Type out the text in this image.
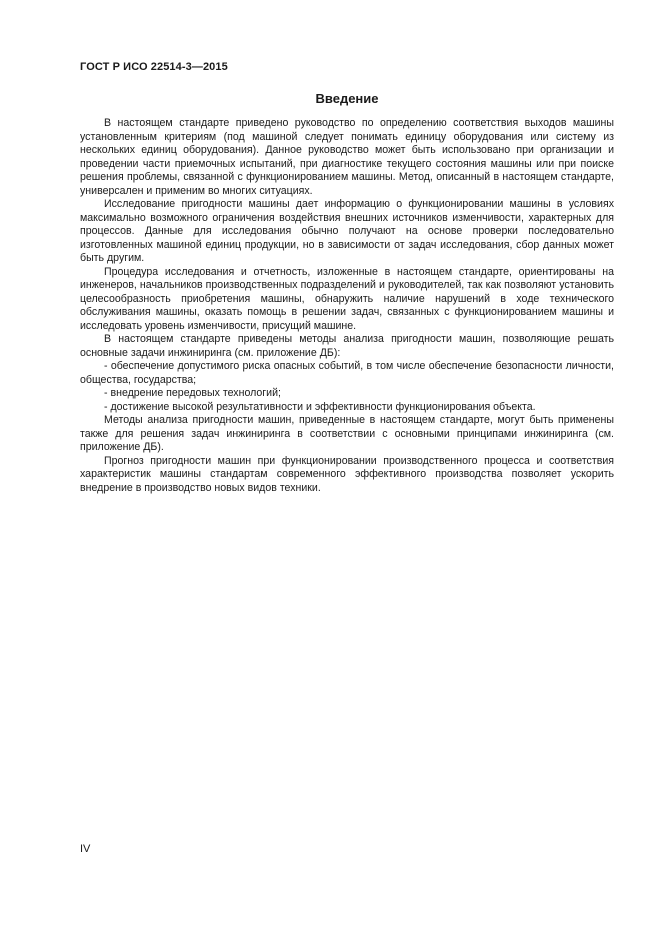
ГОСТ Р ИСО 22514-3—2015
Введение

В настоящем стандарте приведено руководство по определению соответствия выходов машины установленным критериям (под машиной следует понимать единицу оборудования или систему из нескольких единиц оборудования). Данное руководство может быть использовано при организации и проведении части приемочных испытаний, при диагностике текущего состояния машины или при поиске решения проблемы, связанной с функционированием машины. Метод, описанный в настоящем стандарте, универсален и применим во многих ситуациях.

Исследование пригодности машины дает информацию о функционировании машины в условиях максимально возможного ограничения воздействия внешних источников изменчивости, характерных для процессов. Данные для исследования обычно получают на основе проверки последовательно изготовленных машиной единиц продукции, но в зависимости от задач исследования, сбор данных может быть другим.

Процедура исследования и отчетность, изложенные в настоящем стандарте, ориентированы на инженеров, начальников производственных подразделений и руководителей, так как позволяют установить целесообразность приобретения машины, обнаружить наличие нарушений в ходе технического обслуживания машины, оказать помощь в решении задач, связанных с функционированием машины и исследовать уровень изменчивости, присущий машине.

В настоящем стандарте приведены методы анализа пригодности машин, позволяющие решать основные задачи инжиниринга (см. приложение ДБ):

- обеспечение допустимого риска опасных событий, в том числе обеспечение безопасности личности, общества, государства;

- внедрение передовых технологий;

- достижение высокой результативности и эффективности функционирования объекта.

Методы анализа пригодности машин, приведенные в настоящем стандарте, могут быть применены также для решения задач инжиниринга в соответствии с основными принципами инжиниринга (см. приложение ДБ).

Прогноз пригодности машин при функционировании производственного процесса и соответствия характеристик машины стандартам современного эффективного производства позволяет ускорить внедрение в производство новых видов техники.

IV
